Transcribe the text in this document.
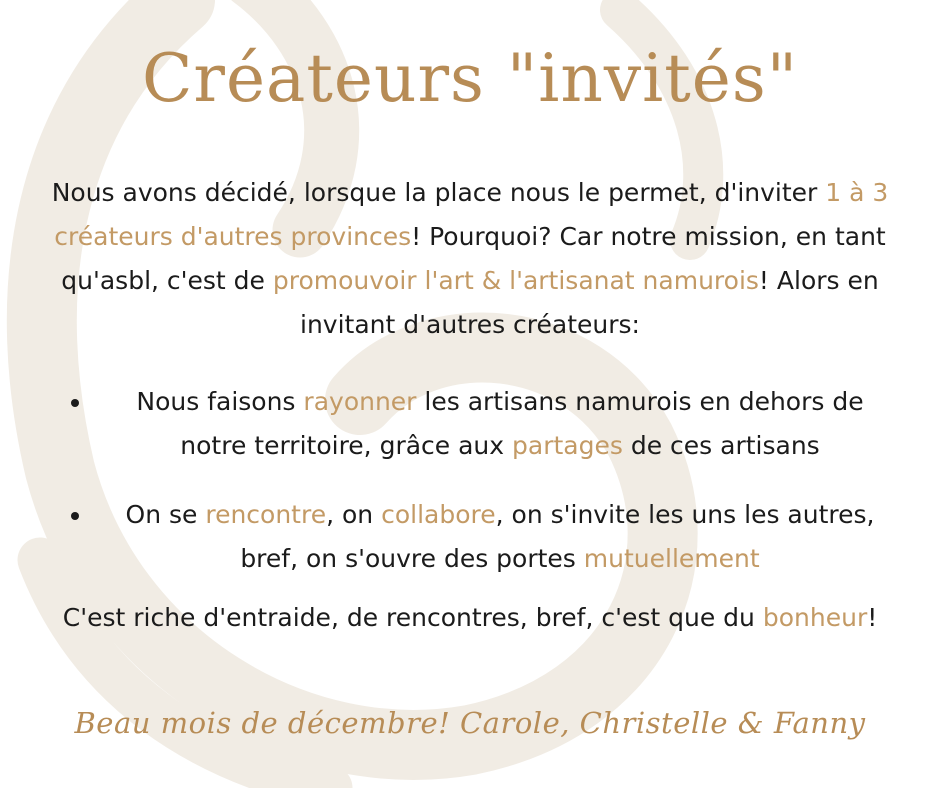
Créateurs "invités"

Nous avons décidé, lorsque la place nous le permet, d'inviter 1 à 3 créateurs d'autres provinces! Pourquoi? Car notre mission, en tant qu'asbl, c'est de promouvoir l'art & l'artisanat namurois! Alors en invitant d'autres créateurs:

Nous faisons rayonner les artisans namurois en dehors de notre territoire, grâce aux partages de ces artisans
On se rencontre, on collabore, on s'invite les uns les autres, bref, on s'ouvre des portes mutuellement

C'est riche d'entraide, de rencontres, bref, c'est que du bonheur!

Beau mois de décembre! Carole, Christelle & Fanny
